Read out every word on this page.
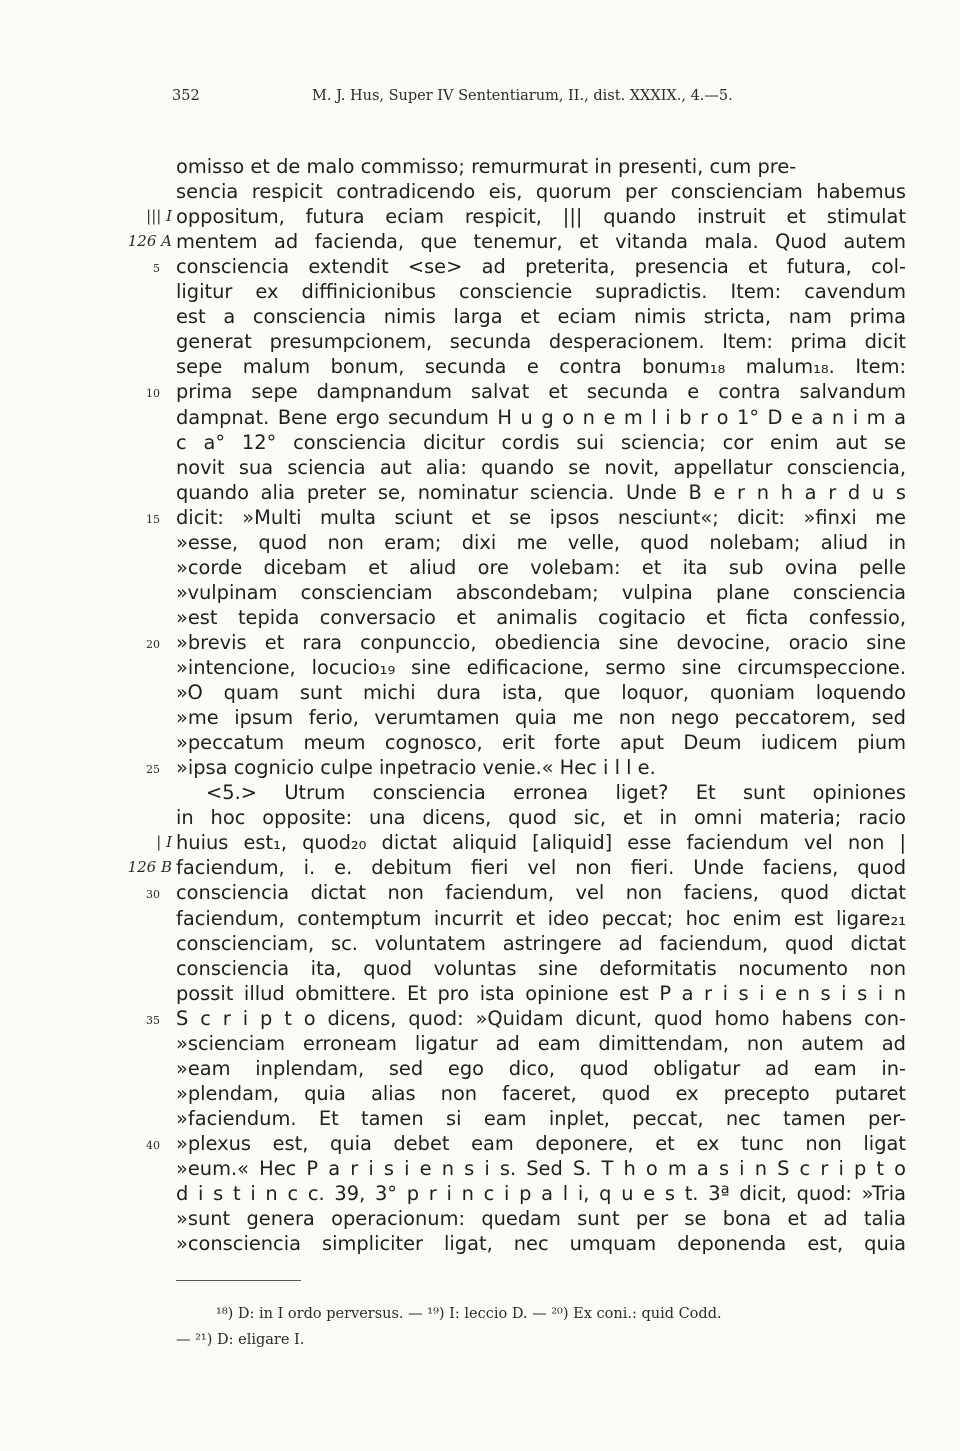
352	M. J. Hus, Super IV Sententiarum, II., dist. XXXIX., 4.—5.
omisso et de malo commisso; remurmurat in presenti, cum pre-
sencia respicit contradicendo eis, quorum per conscienciam habemus
oppositum, futura eciam respicit, ||| quando instruit et stimulat
mentem ad facienda, que tenemur, et vitanda mala. Quod autem
consciencia extendit <se> ad preterita, presencia et futura, col-
ligitur ex diffinicionibus consciencie supradictis. Item: cavendum
est a consciencia nimis larga et eciam nimis stricta, nam prima
generat presumpcionem, secunda desperacionem. Item: prima dicit
sepe malum bonum, secunda e contra bonum₁₈ malum₁₈. Item:
prima sepe dampnandum salvat et secunda e contra salvandum
dampnat. Bene ergo secundum H u g o n e m l i b r o 1° D e a n i m a
c a° 12° consciencia dicitur cordis sui sciencia; cor enim aut se
novit sua sciencia aut alia: quando se novit, appellatur consciencia,
quando alia preter se, nominatur sciencia. Unde B e r n h a r d u s
dicit: »Multi multa sciunt et se ipsos nesciunt«; dicit: »finxi me
»esse, quod non eram; dixi me velle, quod nolebam; aliud in
»corde dicebam et aliud ore volebam: et ita sub ovina pelle
»vulpinam conscienciam abscondebam; vulpina plane consciencia
»est tepida conversacio et animalis cogitacio et ficta confessio,
»brevis et rara conpunccio, obediencia sine devocine, oracio sine
»intencione, locucio₁₉ sine edificacione, sermo sine circumspeccione.
»O quam sunt michi dura ista, que loquor, quoniam loquendo
»me ipsum ferio, verumtamen quia me non nego peccatorem, sed
»peccatum meum cognosco, erit forte aput Deum iudicem pium
»ipsa cognicio culpe inpetracio venie.« Hec i l l e.
<5.> Utrum consciencia erronea liget? Et sunt opiniones
in hoc opposite: una dicens, quod sic, et in omni materia; racio
huius est₁, quod₂₀ dictat aliquid [aliquid] esse faciendum vel non |
faciendum, i. e. debitum fieri vel non fieri. Unde faciens, quod
consciencia dictat non faciendum, vel non faciens, quod dictat
faciendum, contemptum incurrit et ideo peccat; hoc enim est ligare₂₁
conscienciam, sc. voluntatem astringere ad faciendum, quod dictat
consciencia ita, quod voluntas sine deformitatis nocumento non
possit illud obmittere. Et pro ista opinione est P a r i s i e n s i s i n
S c r i p t o dicens, quod: »Quidam dicunt, quod homo habens con-
»scienciam erroneam ligatur ad eam dimittendam, non autem ad
»eam inplendam, sed ego dico, quod obligatur ad eam in-
»plendam, quia alias non faceret, quod ex precepto putaret
»faciendum. Et tamen si eam inplet, peccat, nec tamen per-
»plexus est, quia debet eam deponere, et ex tunc non ligat
»eum.« Hec P a r i s i e n s i s. Sed S. T h o m a s i n S c r i p t o
d i s t i n c c. 39, 3° p r i n c i p a l i, q u e s t. 3ª dicit, quod: »Tria
»sunt genera operacionum: quedam sunt per se bona et ad talia
»consciencia simpliciter ligat, nec umquam deponenda est, quia
5
10
15
20
25
30
35
40
||| I
126 A
| I
126 B
¹⁸) D: in I ordo perversus. — ¹⁹) I: leccio D. — ²⁰) Ex coni.: quid Codd.
— ²¹) D: eligare I.
